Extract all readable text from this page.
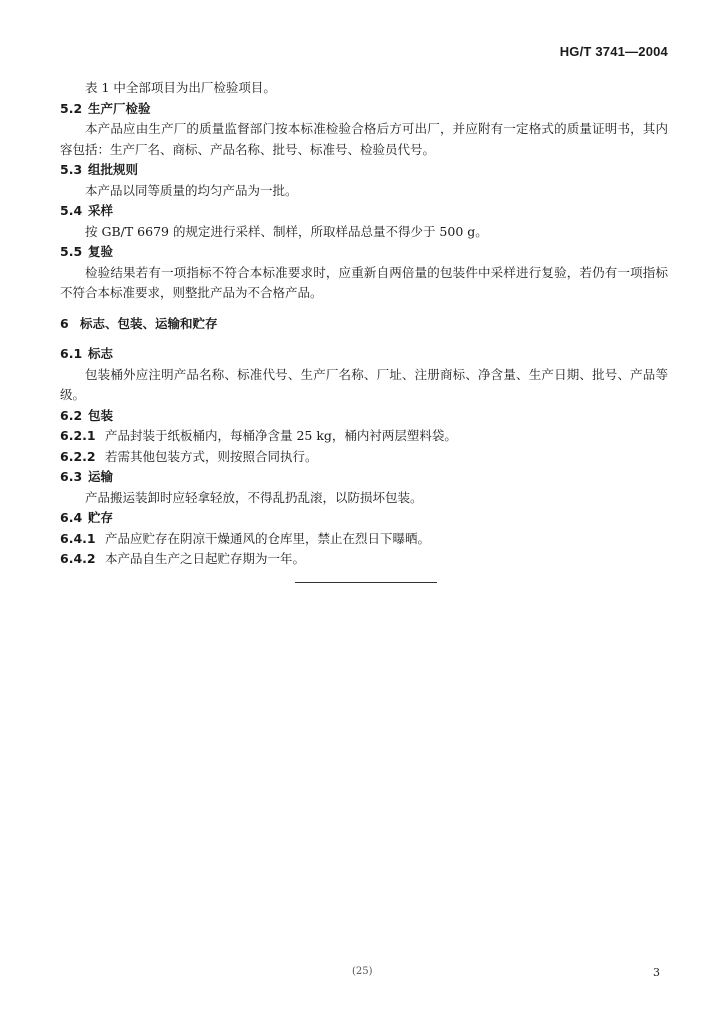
HG/T 3741—2004

表 1 中全部项目为出厂检验项目。

5.2 生产厂检验

本产品应由生产厂的质量监督部门按本标准检验合格后方可出厂，并应附有一定格式的质量证明书，其内容包括：生产厂名、商标、产品名称、批号、标准号、检验员代号。

5.3 组批规则

本产品以同等质量的均匀产品为一批。

5.4 采样

按 GB/T 6679 的规定进行采样、制样，所取样品总量不得少于 500 g。

5.5 复验

检验结果若有一项指标不符合本标准要求时，应重新自两倍量的包装件中采样进行复验，若仍有一项指标不符合本标准要求，则整批产品为不合格产品。

6 标志、包装、运输和贮存

6.1 标志

包装桶外应注明产品名称、标准代号、生产厂名称、厂址、注册商标、净含量、生产日期、批号、产品等级。

6.2 包装

6.2.1 产品封装于纸板桶内，每桶净含量 25 kg，桶内衬两层塑料袋。

6.2.2 若需其他包装方式，则按照合同执行。

6.3 运输

产品搬运装卸时应轻拿轻放，不得乱扔乱滚，以防损坏包装。

6.4 贮存

6.4.1 产品应贮存在阴凉干燥通风的仓库里，禁止在烈日下曝晒。

6.4.2 本产品自生产之日起贮存期为一年。

(25)	3
